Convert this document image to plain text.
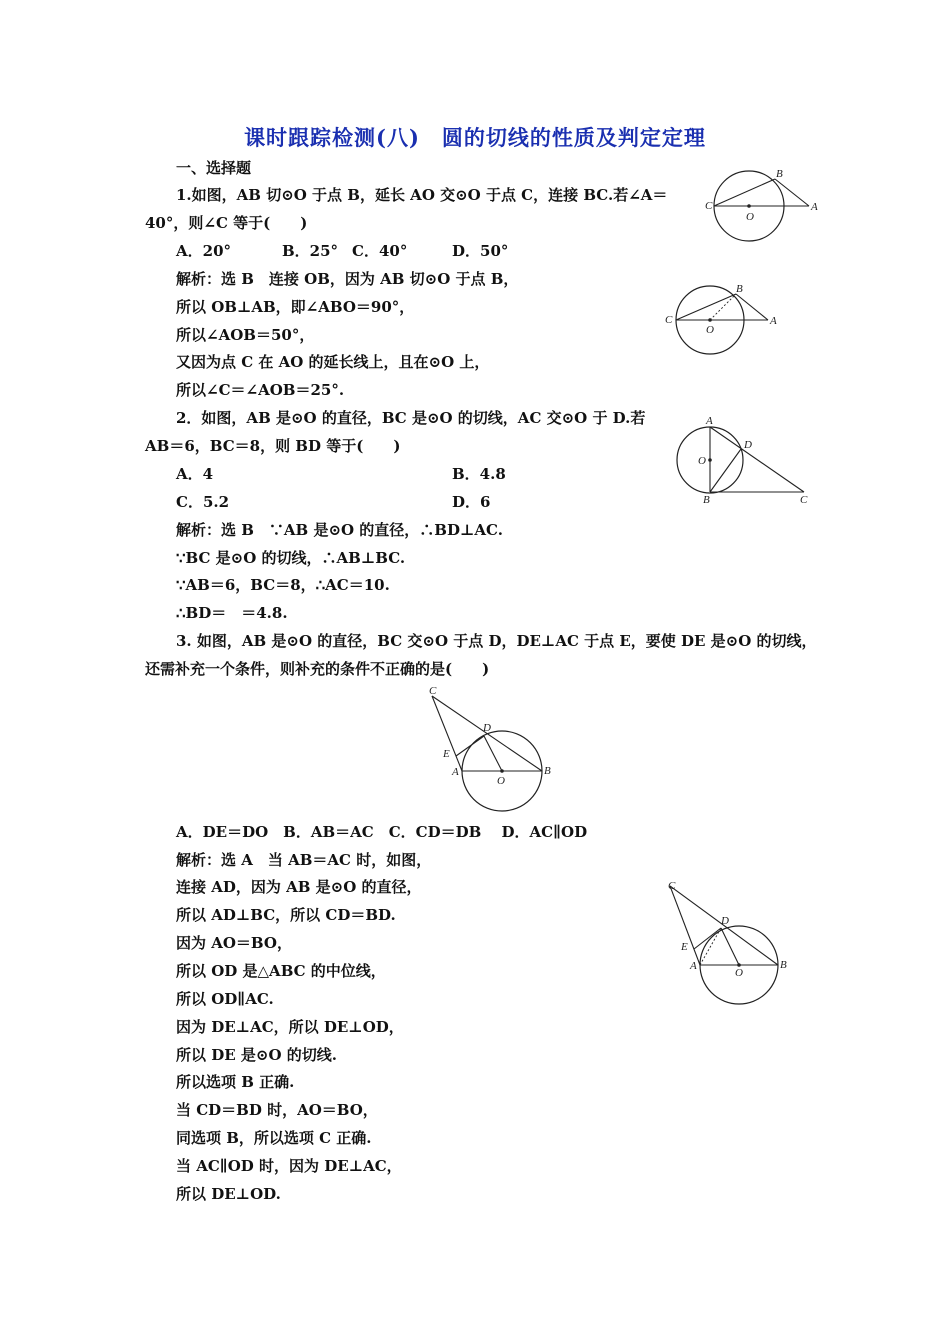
课时跟踪检测(八)　圆的切线的性质及判定定理
一、选择题
1.如图，AB 切⊙O 于点 B，延长 AO 交⊙O 于点 C，连接 BC.若∠A＝
40°，则∠C 等于(　　)
A．20°	B．25° C．40°	D．50°
解析：选 B　连接 OB，因为 AB 切⊙O 于点 B，
所以 OB⊥AB，即∠ABO＝90°，
所以∠AOB＝50°，
又因为点 C 在 AO 的延长线上，且在⊙O 上，
所以∠C＝∠AOB＝25°.
C
B
A
O
C
B
A
O
2．如图，AB 是⊙O 的直径，BC 是⊙O 的切线，AC 交⊙O 于 D.若
AB＝6，BC＝8，则 BD 等于(　　)
A．4	B．4.8
C．5.2	D．6
解析：选 B　∵AB 是⊙O 的直径，∴BD⊥AC.
∵BC 是⊙O 的切线，∴AB⊥BC.
∵AB＝6，BC＝8，∴AC＝10.
∴BD＝　＝4.8.
A
O
D
B	C
3. 如图，AB 是⊙O 的直径，BC 交⊙O 于点 D，DE⊥AC 于点 E，要使 DE 是⊙O 的切线，
还需补充一个条件，则补充的条件不正确的是(　　)
C
D
E
A
O
B
A．DE＝DO　B．AB＝AC　C．CD＝DB　 D．AC∥OD
解析：选 A　当 AB＝AC 时，如图，
连接 AD，因为 AB 是⊙O 的直径，
所以 AD⊥BC，所以 CD＝BD.
因为 AO＝BO，
所以 OD 是△ABC 的中位线，
所以 OD∥AC.
因为 DE⊥AC，所以 DE⊥OD，
所以 DE 是⊙O 的切线.
所以选项 B 正确.
当 CD＝BD 时，AO＝BO，
同选项 B，所以选项 C 正确.
当 AC∥OD 时，因为 DE⊥AC，
所以 DE⊥OD.
C
D
E
A
O
B
